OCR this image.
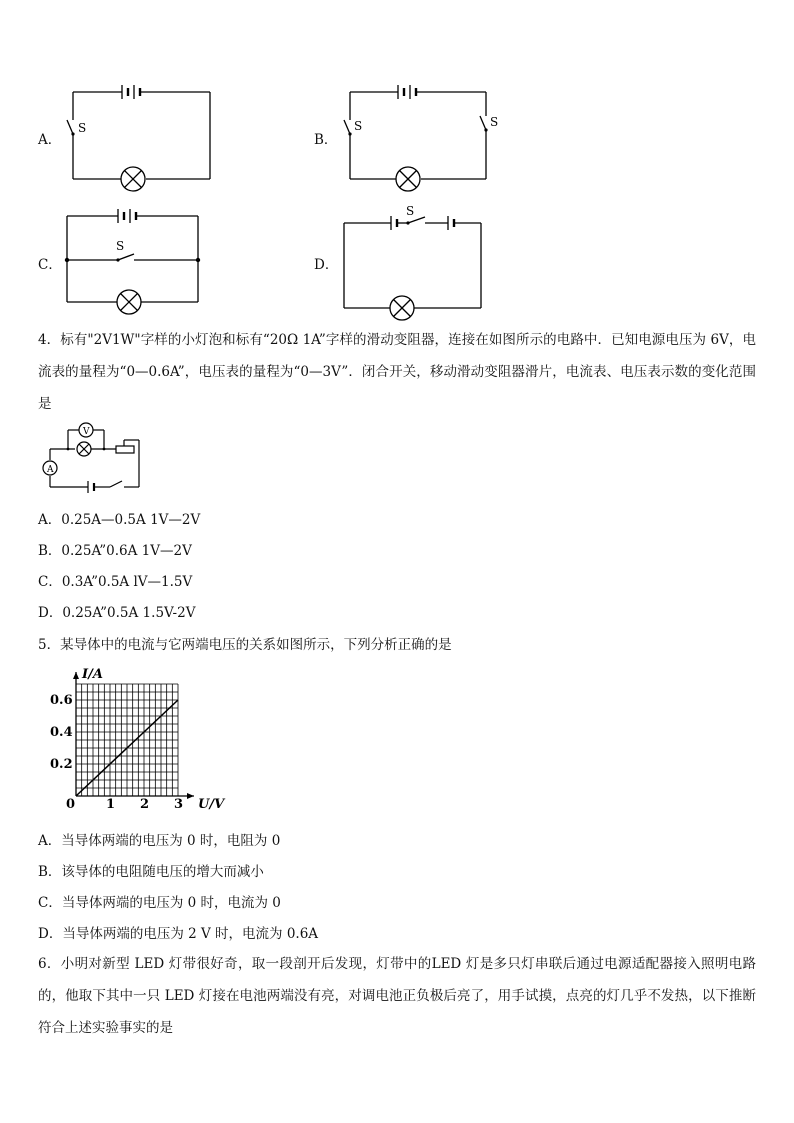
A．
S
B．
S	S
C．
S
D．
S
4．标有"2V1W"字样的小灯泡和标有“20Ω 1A”字样的滑动变阻器，连接在如图所示的电路中．已知电源电压为 6V，电流表的量程为“0—0.6A”，电压表的量程为“0—3V”．闭合开关，移动滑动变阻器滑片，电流表、电压表示数的变化范围是
A
V
A．0.25A—0.5A 1V—2V
B．0.25A”0.6A 1V—2V
C．0.3A”0.5A lV—1.5V
D．0.25A”0.5A 1.5V-2V
5．某导体中的电流与它两端电压的关系如图所示，下列分析正确的是
0 1 2 3
0.2
0.4
0.6
U/V
I/A
A．当导体两端的电压为 0 时，电阻为 0
B．该导体的电阻随电压的增大而减小
C．当导体两端的电压为 0 时，电流为 0
D．当导体两端的电压为 2 V 时，电流为 0.6A
6．小明对新型 LED 灯带很好奇，取一段剖开后发现，灯带中的LED 灯是多只灯串联后通过电源适配器接入照明电路的，他取下其中一只 LED 灯接在电池两端没有亮，对调电池正负极后亮了，用手试摸，点亮的灯几乎不发热，以下推断符合上述实验事实的是
